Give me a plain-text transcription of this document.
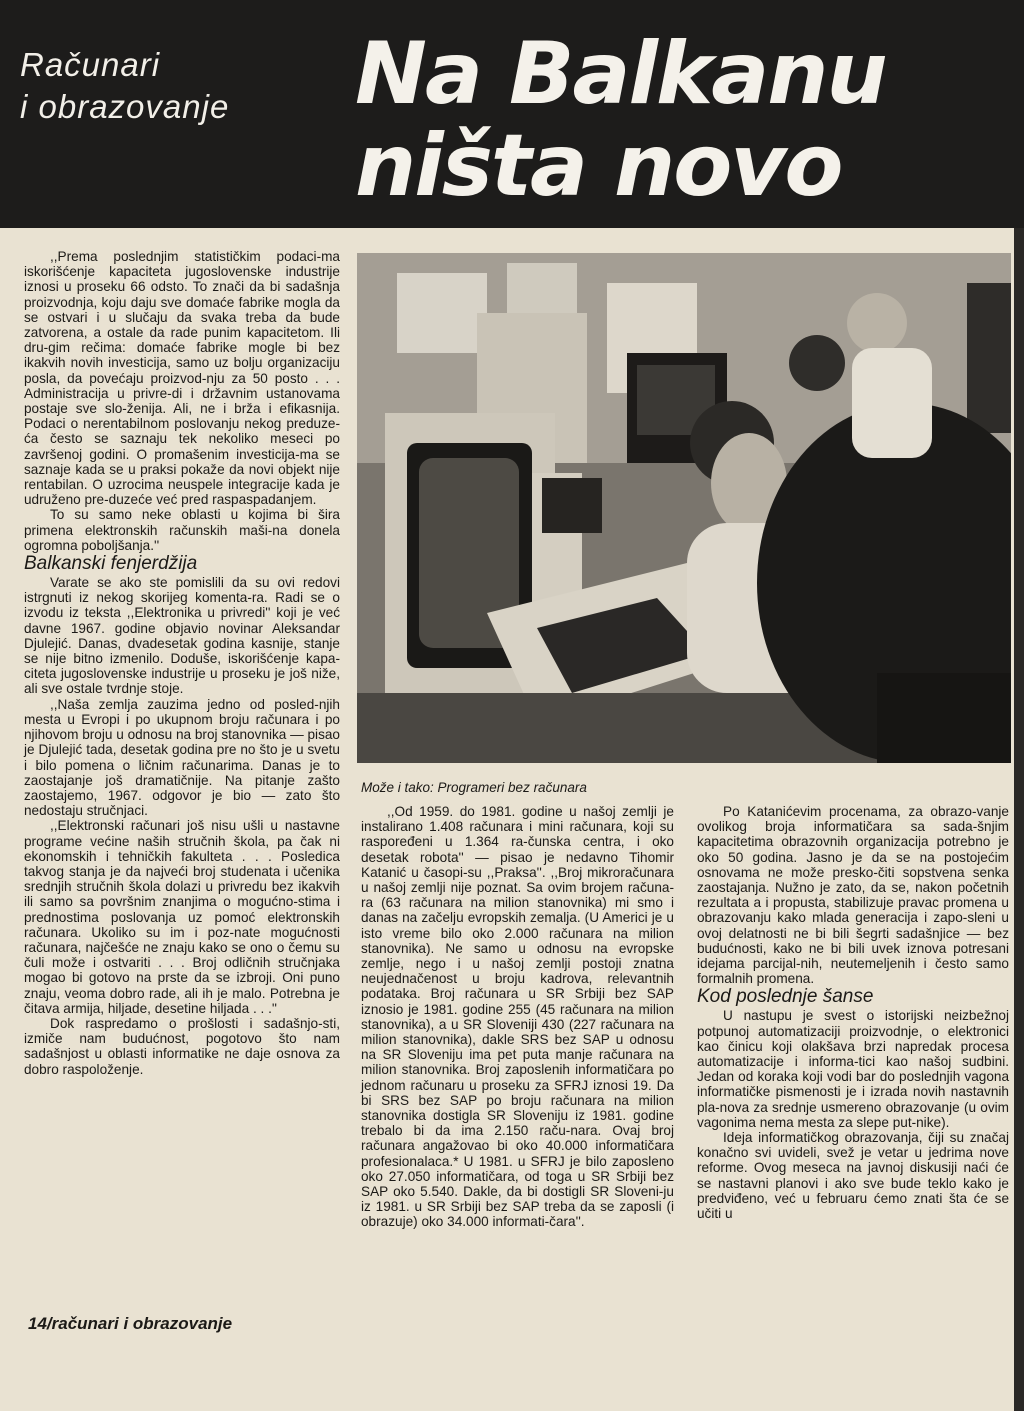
Računari
i obrazovanje	Na Balkanu
ništa novo

,,Prema poslednjim statističkim podaci-ma iskorišćenje kapaciteta jugoslovenske industrije iznosi u proseku 66 odsto. To znači da bi sadašnja proizvodnja, koju daju sve domaće fabrike mogla da se ostvari i u slučaju da svaka treba da bude zatvorena, a ostale da rade punim kapacitetom. Ili dru-gim rečima: domaće fabrike mogle bi bez ikakvih novih investicija, samo uz bolju organizaciju posla, da povećaju proizvod-nju za 50 posto . . . Administracija u privre-di i državnim ustanovama postaje sve slo-ženija. Ali, ne i brža i efikasnija. Podaci o nerentabilnom poslovanju nekog preduze-ća često se saznaju tek nekoliko meseci po završenoj godini. O promašenim investicija-ma se saznaje kada se u praksi pokaže da novi objekt nije rentabilan. O uzrocima neuspele integracije kada je udruženo pre-duzeće već pred raspaspadanjem.

To su samo neke oblasti u kojima bi šira primena elektronskih računskih maši-na donela ogromna poboljšanja.''

Balkanski fenjerdžija

Varate se ako ste pomislili da su ovi redovi istrgnuti iz nekog skorijeg komenta-ra. Radi se o izvodu iz teksta ,,Elektronika u privredi'' koji je već davne 1967. godine objavio novinar Aleksandar Djulejić. Danas, dvadesetak godina kasnije, stanje se nije bitno izmenilo. Doduše, iskorišćenje kapa-citeta jugoslovenske industrije u proseku je još niže, ali sve ostale tvrdnje stoje.

,,Naša zemlja zauzima jedno od posled-njih mesta u Evropi i po ukupnom broju računara i po njihovom broju u odnosu na broj stanovnika — pisao je Djulejić tada, desetak godina pre no što je u svetu i bilo pomena o ličnim računarima. Danas je to zaostajanje još dramatičnije. Na pitanje zašto zaostajemo, 1967. odgovor je bio — zato što nedostaju stručnjaci.

,,Elektronski računari još nisu ušli u nastavne programe većine naših stručnih škola, pa čak ni ekonomskih i tehničkih fakulteta . . . Posledica takvog stanja je da najveći broj studenata i učenika srednjih stručnih škola dolazi u privredu bez ikakvih ili samo sa površnim znanjima o mogućno-stima i prednostima poslovanja uz pomoć elektronskih računara. Ukoliko su im i poz-nate mogućnosti računara, najčešće ne znaju kako se ono o čemu su čuli može i ostvariti . . . Broj odličnih stručnjaka mogao bi gotovo na prste da se izbroji. Oni puno znaju, veoma dobro rade, ali ih je malo. Potrebna je čitava armija, hiljade, desetine hiljada . . .''

Dok raspredamo o prošlosti i sadašnjo-sti, izmiče nam budućnost, pogotovo što nam sadašnjost u oblasti informatike ne daje osnova za dobro raspoloženje.

Može i tako: Programeri bez računara

,,Od 1959. do 1981. godine u našoj zemlji je instalirano 1.408 računara i mini računara, koji su raspoređeni u 1.364 ra-čunska centra, i oko desetak robota'' — pisao je nedavno Tihomir Katanić u časopi-su ,,Praksa''. ,,Broj mikroračunara u našoj zemlji nije poznat. Sa ovim brojem računa-ra (63 računara na milion stanovnika) mi smo i danas na začelju evropskih zemalja. (U Americi je u isto vreme bilo oko 2.000 računara na milion stanovnika). Ne samo u odnosu na evropske zemlje, nego i u našoj zemlji postoji znatna neujednačenost u broju kadrova, relevantnih podataka. Broj računara u SR Srbiji bez SAP iznosio je 1981. godine 255 (45 računara na milion stanovnika), a u SR Sloveniji 430 (227 računara na milion stanovnika), dakle SRS bez SAP u odnosu na SR Sloveniju ima pet puta manje računara na milion stanovnika. Broj zaposlenih informatičara po jednom računaru u proseku za SFRJ iznosi 19. Da bi SRS bez SAP po broju računara na milion stanovnika dostigla SR Sloveniju iz 1981. godine trebalo bi da ima 2.150 raču-nara. Ovaj broj računara angažovao bi oko 40.000 informatičara profesionalaca.* U 1981. u SFRJ je bilo zaposleno oko 27.050 informatičara, od toga u SR Srbiji bez SAP oko 5.540. Dakle, da bi dostigli SR Sloveni-ju iz 1981. u SR Srbiji bez SAP treba da se zaposli (i obrazuje) oko 34.000 informati-čara''.

Po Katanićevim procenama, za obrazo-vanje ovolikog broja informatičara sa sada-šnjim kapacitetima obrazovnih organizacija potrebno je oko 50 godina. Jasno je da se na postojećim osnovama ne može presko-čiti sopstvena senka zaostajanja. Nužno je zato, da se, nakon početnih rezultata a i propusta, stabilizuje pravac promena u obrazovanju kako mlada generacija i zapo-sleni u ovoj delatnosti ne bi bili šegrti sadašnjice — bez budućnosti, kako ne bi bili uvek iznova potresani idejama parcijal-nih, neutemeljenih i često samo formalnih promena.

Kod poslednje šanse

U nastupu je svest o istorijski neizbežnoj potpunoj automatizaciji proizvodnje, o elektronici kao činicu koji olakšava brzi napredak procesa automatizacije i informa-tici kao našoj sudbini. Jedan od koraka koji vodi bar do poslednjih vagona informatičke pismenosti je i izrada novih nastavnih pla-nova za srednje usmereno obrazovanje (u ovim vagonima nema mesta za slepe put-nike).

Ideja informatičkog obrazovanja, čiji su značaj konačno svi uvideli, svež je vetar u jedrima nove reforme. Ovog meseca na javnoj diskusiji naći će se nastavni planovi i ako sve bude teklo kako je predviđeno, već u februaru ćemo znati šta će se učiti u

14/računari i obrazovanje
